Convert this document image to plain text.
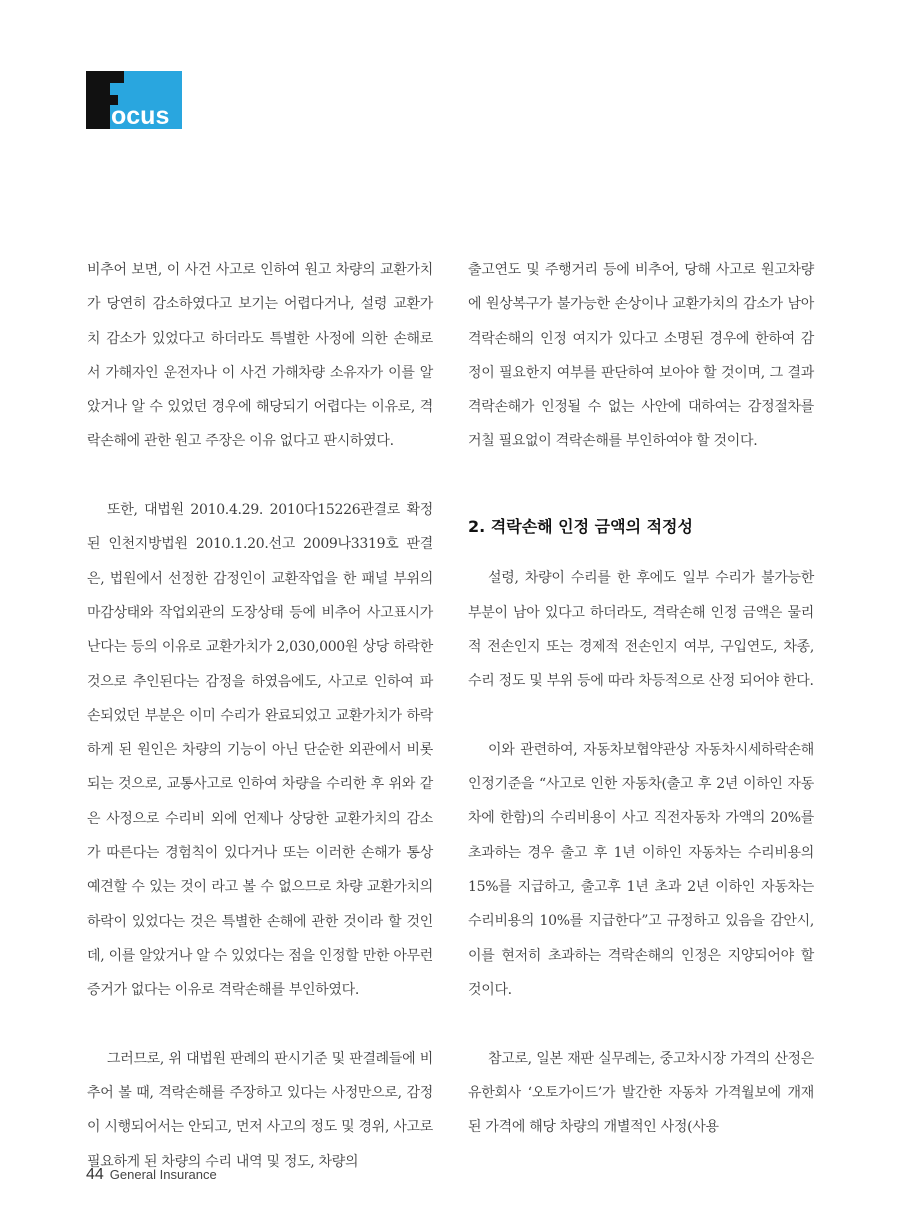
ocus

비추어 보면, 이 사건 사고로 인하여 원고 차량의 교환가치가 당연히 감소하였다고 보기는 어렵다거나, 설령 교환가치 감소가 있었다고 하더라도 특별한 사정에 의한 손해로서 가해자인 운전자나 이 사건 가해차량 소유자가 이를 알았거나 알 수 있었던 경우에 해당되기 어렵다는 이유로, 격락손해에 관한 원고 주장은 이유 없다고 판시하였다.

또한, 대법원 2010.4.29. 2010다15226관결로 확정된 인천지방법원 2010.1.20.선고 2009나3319호 판결은, 법원에서 선정한 감정인이 교환작업을 한 패널 부위의 마감상태와 작업외관의 도장상태 등에 비추어 사고표시가 난다는 등의 이유로 교환가치가 2,030,000원 상당 하락한 것으로 추인된다는 감정을 하였음에도, 사고로 인하여 파손되었던 부분은 이미 수리가 완료되었고 교환가치가 하락하게 된 원인은 차량의 기능이 아닌 단순한 외관에서 비롯되는 것으로, 교통사고로 인하여 차량을 수리한 후 위와 같은 사정으로 수리비 외에 언제나 상당한 교환가치의 감소가 따른다는 경험칙이 있다거나 또는 이러한 손해가 통상 예견할 수 있는 것이 라고 볼 수 없으므로 차량 교환가치의 하락이 있었다는 것은 특별한 손해에 관한 것이라 할 것인데, 이를 알았거나 알 수 있었다는 점을 인정할 만한 아무런 증거가 없다는 이유로 격락손해를 부인하였다.

그러므로, 위 대법원 판례의 판시기준 및 판결례들에 비추어 볼 때, 격락손해를 주장하고 있다는 사정만으로, 감정이 시행되어서는 안되고, 먼저 사고의 정도 및 경위, 사고로 필요하게 된 차량의 수리 내역 및 정도, 차량의

출고연도 및 주행거리 등에 비추어, 당해 사고로 원고차량에 원상복구가 불가능한 손상이나 교환가치의 감소가 남아 격락손해의 인정 여지가 있다고 소명된 경우에 한하여 감정이 필요한지 여부를 판단하여 보아야 할 것이며, 그 결과 격락손해가 인정될 수 없는 사안에 대하여는 감정절차를 거칠 필요없이 격락손해를 부인하여야 할 것이다.

2. 격락손해 인정 금액의 적정성

설령, 차량이 수리를 한 후에도 일부 수리가 불가능한 부분이 남아 있다고 하더라도, 격락손해 인정 금액은 물리적 전손인지 또는 경제적 전손인지 여부, 구입연도, 차종, 수리 정도 및 부위 등에 따라 차등적으로 산정 되어야 한다.

이와 관련하여, 자동차보협약관상 자동차시세하락손해 인정기준을 “사고로 인한 자동차(출고 후 2년 이하인 자동차에 한함)의 수리비용이 사고 직전자동차 가액의 20%를 초과하는 경우 출고 후 1년 이하인 자동차는 수리비용의 15%를 지급하고, 출고후 1년 초과 2년 이하인 자동차는 수리비용의 10%를 지급한다”고 규정하고 있음을 감안시, 이를 현저히 초과하는 격락손해의 인정은 지양되어야 할 것이다.

참고로, 일본 재판 실무례는, 중고차시장 가격의 산정은 유한회사 ‘오토가이드’가 발간한 자동차 가격월보에 개재된 가격에 해당 차량의 개별적인 사정(사용

44 General Insurance
